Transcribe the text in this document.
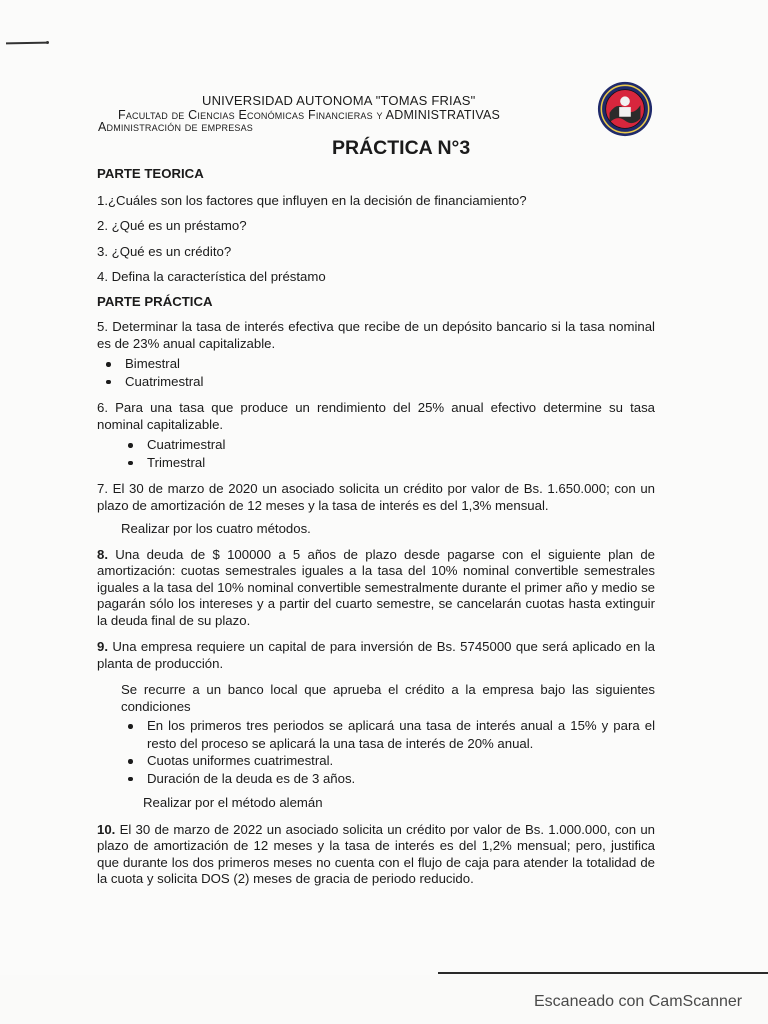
UNIVERSIDAD AUTONOMA "TOMAS FRIAS"
Facultad de Ciencias Económicas Financieras y ADMINISTRATIVAS
Administración de empresas
PRÁCTICA N°3

PARTE TEORICA

1.¿Cuáles son los factores que influyen en la decisión de financiamiento?

2. ¿Qué es un préstamo?

3. ¿Qué es un crédito?

4. Defina la característica del préstamo

PARTE PRÁCTICA

5. Determinar la tasa de interés efectiva que recibe de un depósito bancario si la tasa nominal es de 23% anual capitalizable.

Bimestral
Cuatrimestral

6. Para una tasa que produce un rendimiento del 25% anual efectivo determine su tasa nominal capitalizable.

Cuatrimestral
Trimestral

7. El 30 de marzo de 2020 un asociado solicita un crédito por valor de Bs. 1.650.000; con un plazo de amortización de 12 meses y la tasa de interés es del 1,3% mensual.

Realizar por los cuatro métodos.

8. Una deuda de $ 100000 a 5 años de plazo desde pagarse con el siguiente plan de amortización: cuotas semestrales iguales a la tasa del 10% nominal convertible semestrales iguales a la tasa del 10% nominal convertible semestralmente durante el primer año y medio se pagarán sólo los intereses y a partir del cuarto semestre, se cancelarán cuotas hasta extinguir la deuda final de su plazo.

9. Una empresa requiere un capital de para inversión de Bs. 5745000 que será aplicado en la planta de producción.

Se recurre a un banco local que aprueba el crédito a la empresa bajo las siguientes condiciones

En los primeros tres periodos se aplicará una tasa de interés anual a 15% y para el resto del proceso se aplicará la una tasa de interés de 20% anual.
Cuotas uniformes cuatrimestral.
Duración de la deuda es de 3 años.

Realizar por el método alemán

10. El 30 de marzo de 2022 un asociado solicita un crédito por valor de Bs. 1.000.000, con un plazo de amortización de 12 meses y la tasa de interés es del 1,2% mensual; pero, justifica que durante los dos primeros meses no cuenta con el flujo de caja para atender la totalidad de la cuota y solicita DOS (2) meses de gracia de periodo reducido.

Escaneado con CamScanner
